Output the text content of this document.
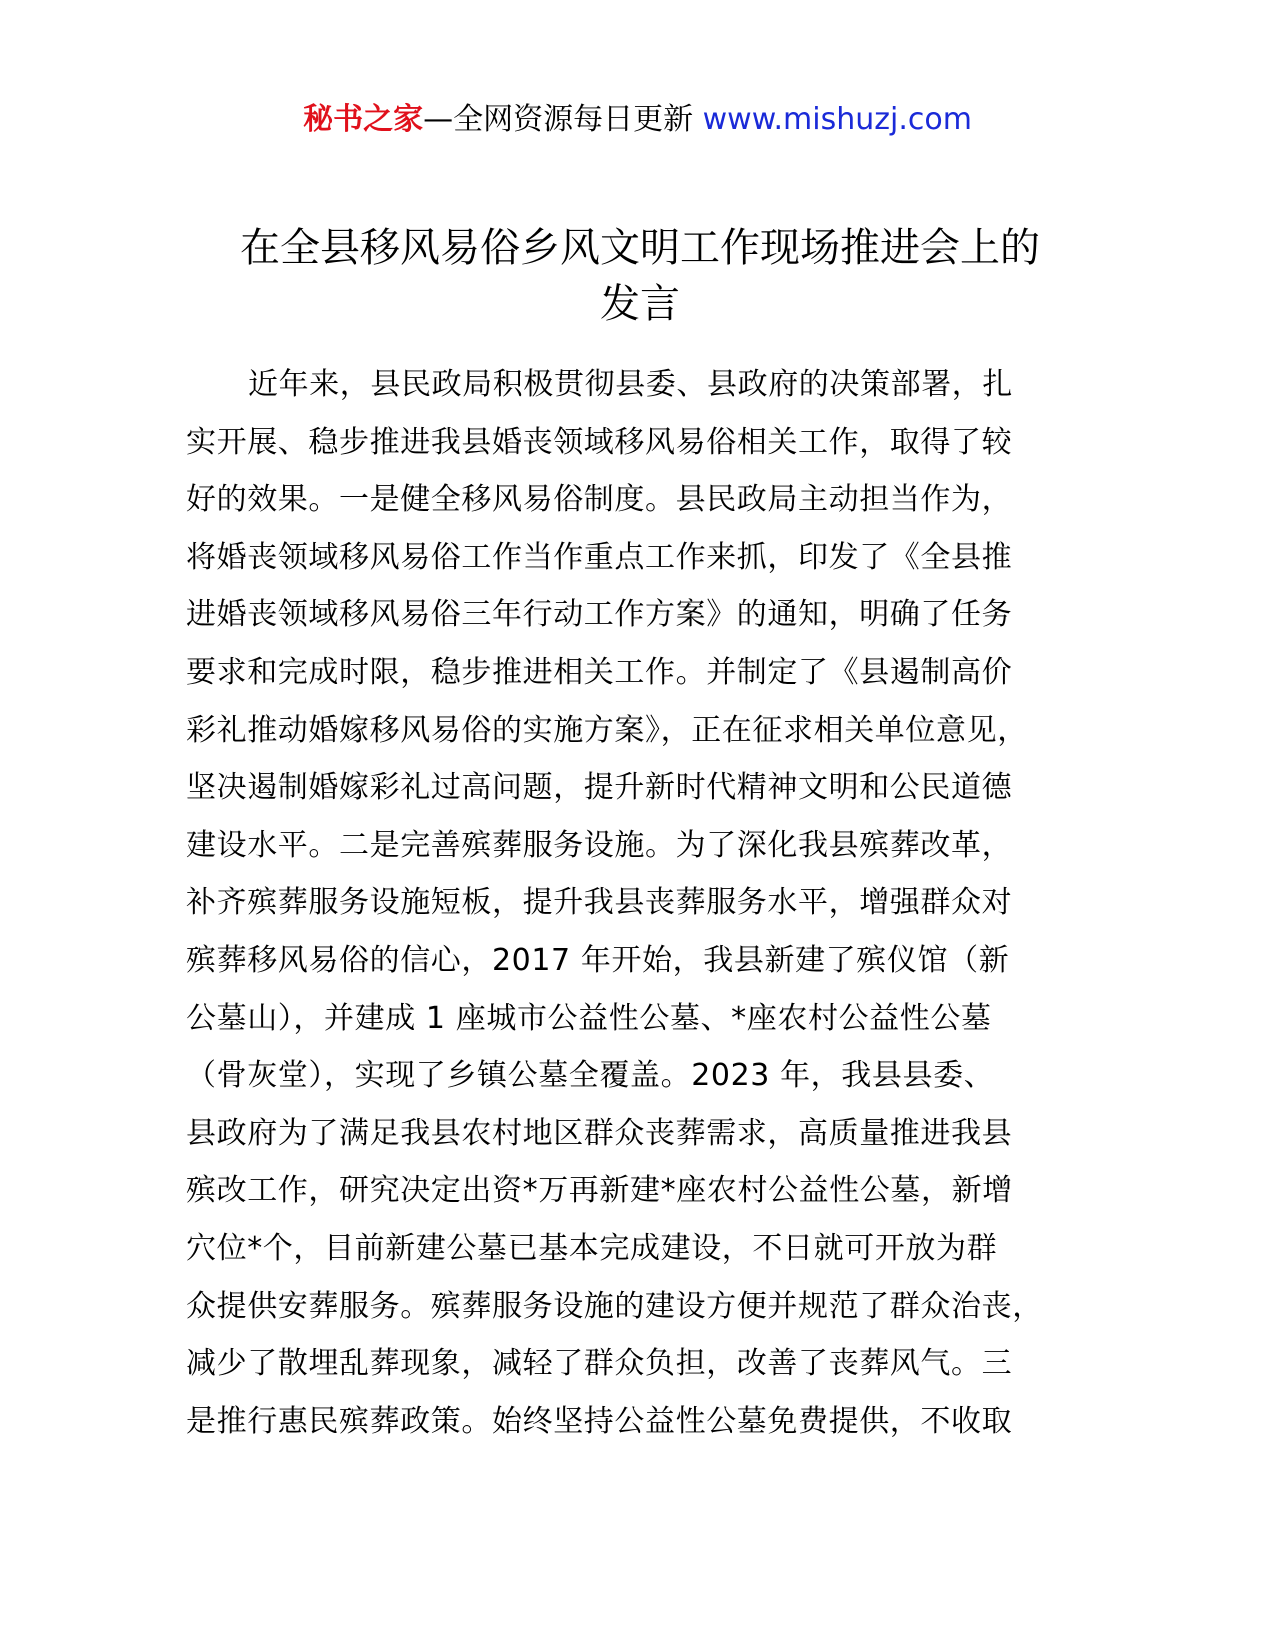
秘书之家—全网资源每日更新 www.mishuzj.com
在全县移风易俗乡风文明工作现场推进会上的
发言
近年来，县民政局积极贯彻县委、县政府的决策部署，扎
实开展、稳步推进我县婚丧领域移风易俗相关工作，取得了较
好的效果。一是健全移风易俗制度。县民政局主动担当作为，
将婚丧领域移风易俗工作当作重点工作来抓，印发了《全县推
进婚丧领域移风易俗三年行动工作方案》的通知，明确了任务
要求和完成时限，稳步推进相关工作。并制定了《县遏制高价
彩礼推动婚嫁移风易俗的实施方案》，正在征求相关单位意见，
坚决遏制婚嫁彩礼过高问题，提升新时代精神文明和公民道德
建设水平。二是完善殡葬服务设施。为了深化我县殡葬改革，
补齐殡葬服务设施短板，提升我县丧葬服务水平，增强群众对
殡葬移风易俗的信心，2017 年开始，我县新建了殡仪馆（新
公墓山），并建成 1 座城市公益性公墓、*座农村公益性公墓
（骨灰堂），实现了乡镇公墓全覆盖。2023 年，我县县委、
县政府为了满足我县农村地区群众丧葬需求，高质量推进我县
殡改工作，研究决定出资*万再新建*座农村公益性公墓，新增
穴位*个，目前新建公墓已基本完成建设，不日就可开放为群
众提供安葬服务。殡葬服务设施的建设方便并规范了群众治丧，
减少了散埋乱葬现象，减轻了群众负担，改善了丧葬风气。三
是推行惠民殡葬政策。始终坚持公益性公墓免费提供，不收取
